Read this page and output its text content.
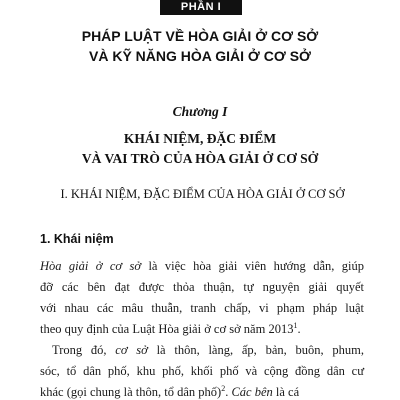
PHẦN I
PHÁP LUẬT VỀ HÒA GIẢI Ở CƠ SỞ
VÀ KỸ NĂNG HÒA GIẢI Ở CƠ SỞ
Chương I
KHÁI NIỆM, ĐẶC ĐIỂM
VÀ VAI TRÒ CỦA HÒA GIẢI Ở CƠ SỞ
I. KHÁI NIỆM, ĐẶC ĐIỂM CỦA HÒA GIẢI Ở CƠ SỞ
1. Khái niệm
Hòa giải ở cơ sở là việc hòa giải viên hướng dẫn, giúp
đỡ các bên đạt được thỏa thuận, tự nguyện giải quyết
với nhau các mâu thuẫn, tranh chấp, vi phạm pháp luật
theo quy định của Luật Hòa giải ở cơ sở năm 2013$^1$.
Trong đó, cơ sở là thôn, làng, ấp, bản, buôn, phum,
sóc, tổ dân phố, khu phố, khối phố và cộng đồng dân cư
khác (gọi chung là thôn, tổ dân phố)$^2$. Các bên là cá
